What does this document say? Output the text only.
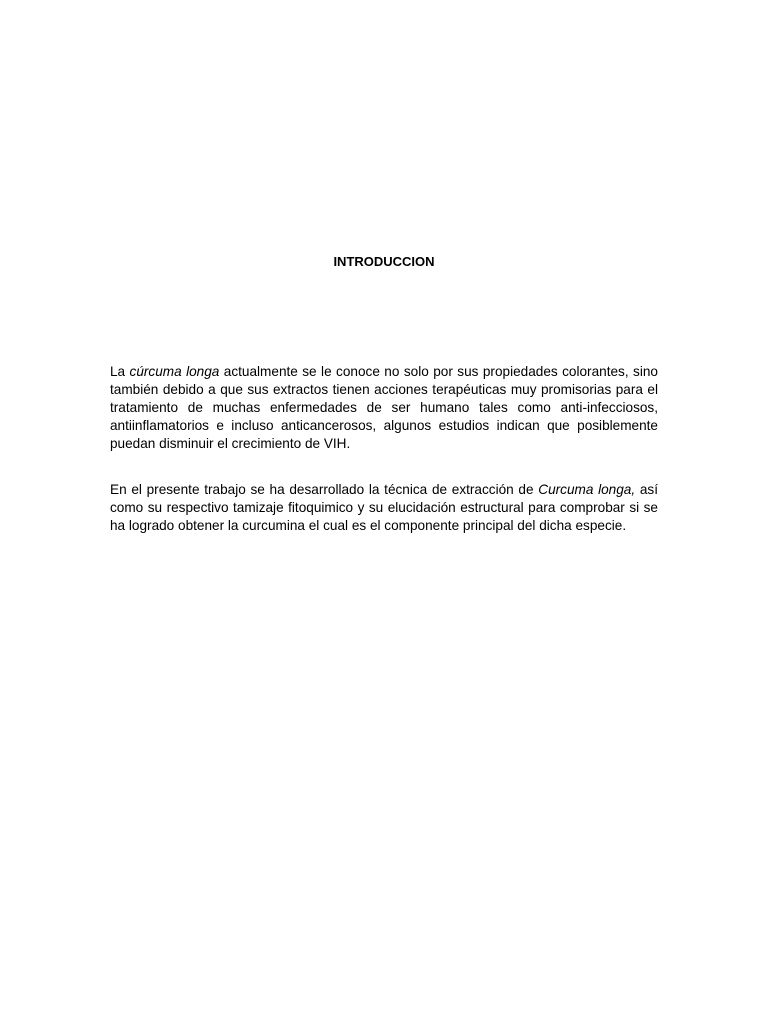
INTRODUCCION

La cúrcuma longa actualmente se le conoce no solo por sus propiedades colorantes, sino también debido a que sus extractos tienen acciones terapéuticas muy promisorias para el tratamiento de muchas enfermedades de ser humano tales como anti-infecciosos, antiinflamatorios e incluso anticancerosos, algunos estudios indican que posiblemente puedan disminuir el crecimiento de VIH.

En el presente trabajo se ha desarrollado la técnica de extracción de Curcuma longa, así como su respectivo tamizaje fitoquimico y su elucidación estructural para comprobar si se ha logrado obtener la curcumina el cual es el componente principal del dicha especie.
